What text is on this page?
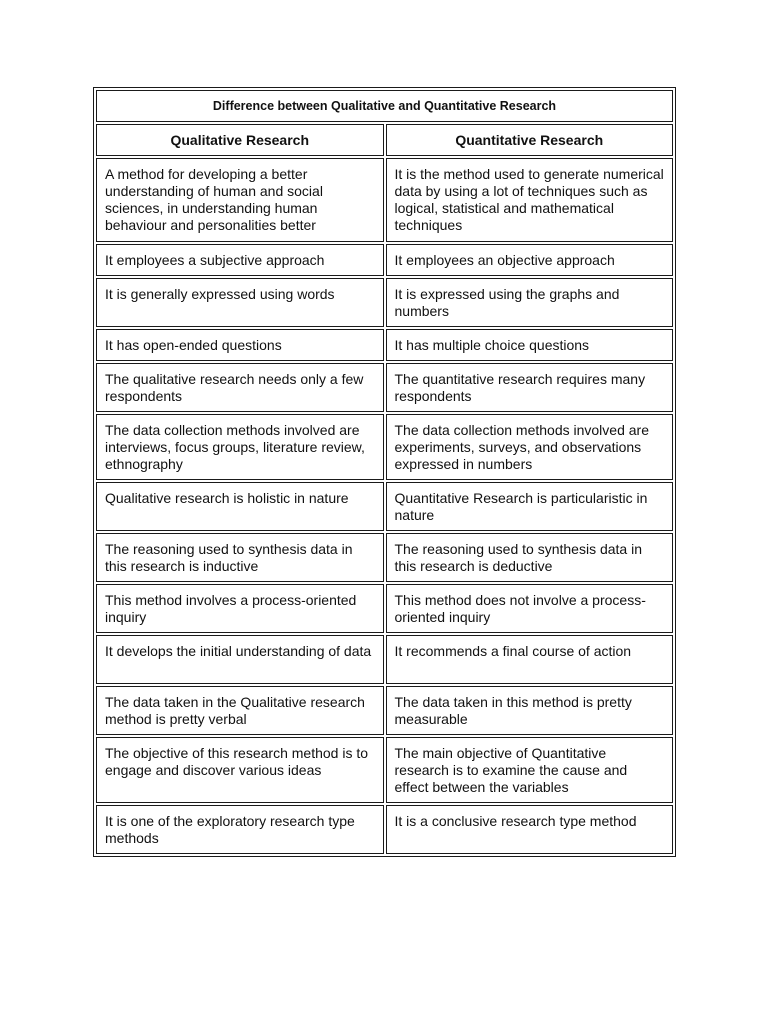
Difference between Qualitative and Quantitative Research	
Qualitative Research	Quantitative Research
A method for developing a better understanding of human and social sciences, in understanding human behaviour and personalities better	It is the method used to generate numerical data by using a lot of techniques such as logical, statistical and mathematical techniques
It employees a subjective approach	It employees an objective approach
It is generally expressed using words	It is expressed using the graphs and numbers
It has open-ended questions	It has multiple choice questions
The qualitative research needs only a few respondents	The quantitative research requires many respondents
The data collection methods involved are interviews, focus groups, literature review, ethnography	The data collection methods involved are experiments, surveys, and observations expressed in numbers
Qualitative research is holistic in nature	Quantitative Research is particularistic in nature
The reasoning used to synthesis data in this research is inductive	The reasoning used to synthesis data in this research is deductive
This method involves a process-oriented inquiry	This method does not involve a process-oriented inquiry
It develops the initial understanding of data	It recommends a final course of action
The data taken in the Qualitative research method is pretty verbal	The data taken in this method is pretty measurable
The objective of this research method is to engage and discover various ideas	The main objective of Quantitative research is to examine the cause and effect between the variables
It is one of the exploratory research type methods	It is a conclusive research type method
